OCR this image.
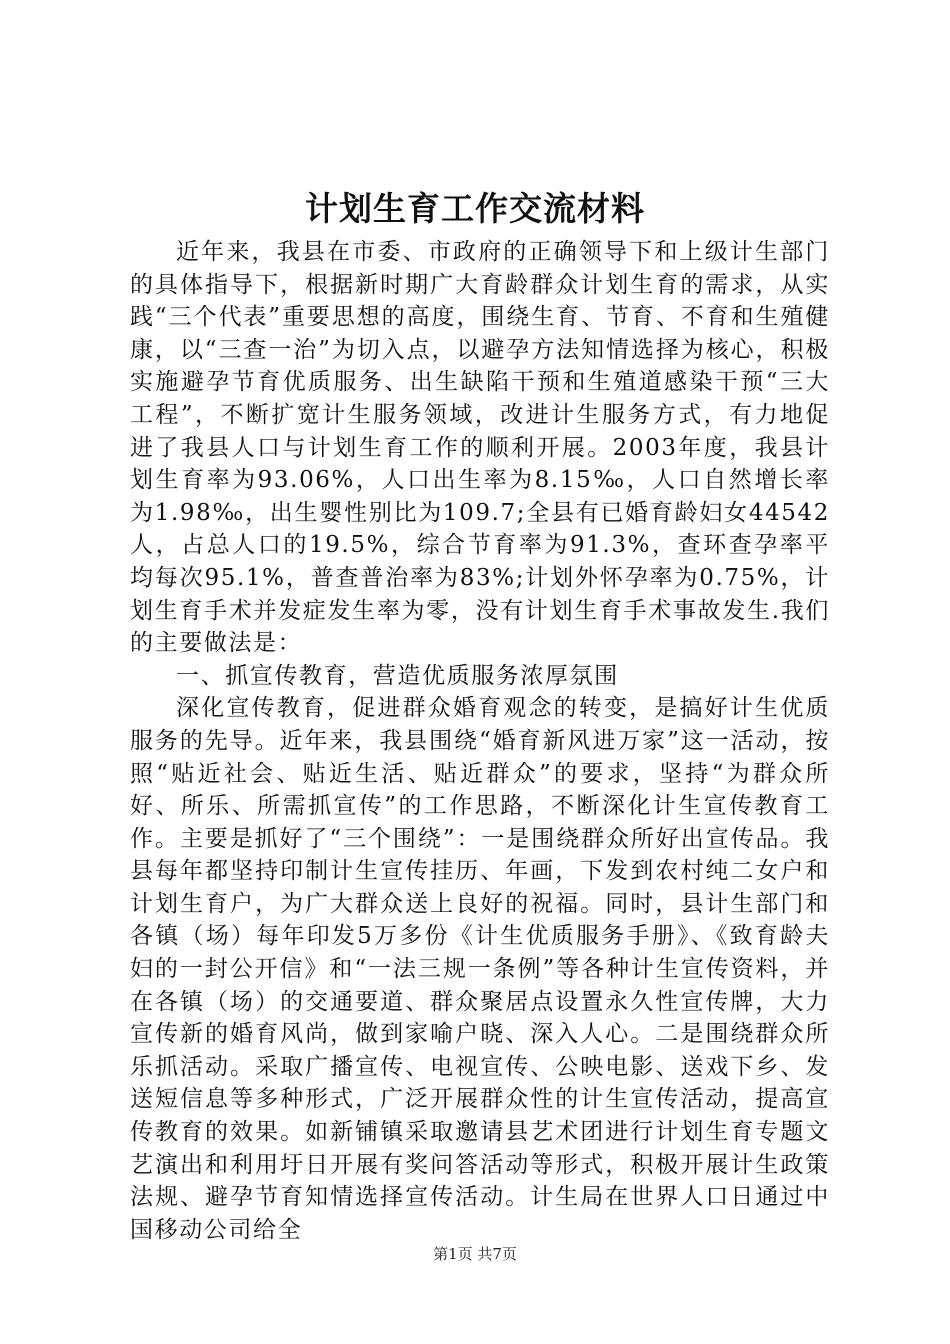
计划生育工作交流材料

近年来，我县在市委、市政府的正确领导下和上级计生部门的具体指导下，根据新时期广大育龄群众计划生育的需求，从实践“三个代表”重要思想的高度，围绕生育、节育、不育和生殖健康，以“三查一治”为切入点，以避孕方法知情选择为核心，积极实施避孕节育优质服务、出生缺陷干预和生殖道感染干预“三大工程”，不断扩宽计生服务领域，改进计生服务方式，有力地促进了我县人口与计划生育工作的顺利开展。2003年度，我县计划生育率为93.06%，人口出生率为8.15‰，人口自然增长率为1.98‰，出生婴性别比为109.7;全县有已婚育龄妇女44542人，占总人口的19.5%，综合节育率为91.3%，查环查孕率平均每次95.1%，普查普治率为83%;计划外怀孕率为0.75%，计划生育手术并发症发生率为零，没有计划生育手术事故发生.我们的主要做法是：

一、抓宣传教育，营造优质服务浓厚氛围

深化宣传教育，促进群众婚育观念的转变，是搞好计生优质服务的先导。近年来，我县围绕“婚育新风进万家”这一活动，按照“贴近社会、贴近生活、贴近群众”的要求，坚持“为群众所好、所乐、所需抓宣传”的工作思路，不断深化计生宣传教育工作。主要是抓好了“三个围绕”：一是围绕群众所好出宣传品。我县每年都坚持印制计生宣传挂历、年画，下发到农村纯二女户和计划生育户，为广大群众送上良好的祝福。同时，县计生部门和各镇（场）每年印发5万多份《计生优质服务手册》、《致育龄夫妇的一封公开信》和“一法三规一条例”等各种计生宣传资料，并在各镇（场）的交通要道、群众聚居点设置永久性宣传牌，大力宣传新的婚育风尚，做到家喻户晓、深入人心。二是围绕群众所乐抓活动。采取广播宣传、电视宣传、公映电影、送戏下乡、发送短信息等多种形式，广泛开展群众性的计生宣传活动，提高宣传教育的效果。如新铺镇采取邀请县艺术团进行计划生育专题文艺演出和利用圩日开展有奖问答活动等形式，积极开展计生政策法规、避孕节育知情选择宣传活动。计生局在世界人口日通过中国移动公司给全

第1页 共7页
